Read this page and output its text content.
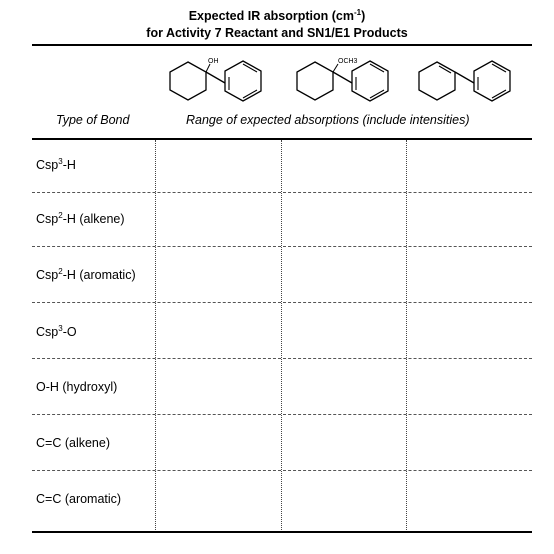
Expected IR absorption $(cm^{-1})$
for Activity 7 Reactant and SN1/E1 Products
OH	OCH3
Type of Bond	Range of expected absorptions (include intensities)
Csp$^3$-H
Csp$^2$-H (alkene)
Csp$^2$-H (aromatic)
Csp$^3$-O
O-H (hydroxyl)
C=C (alkene)
C=C (aromatic)
